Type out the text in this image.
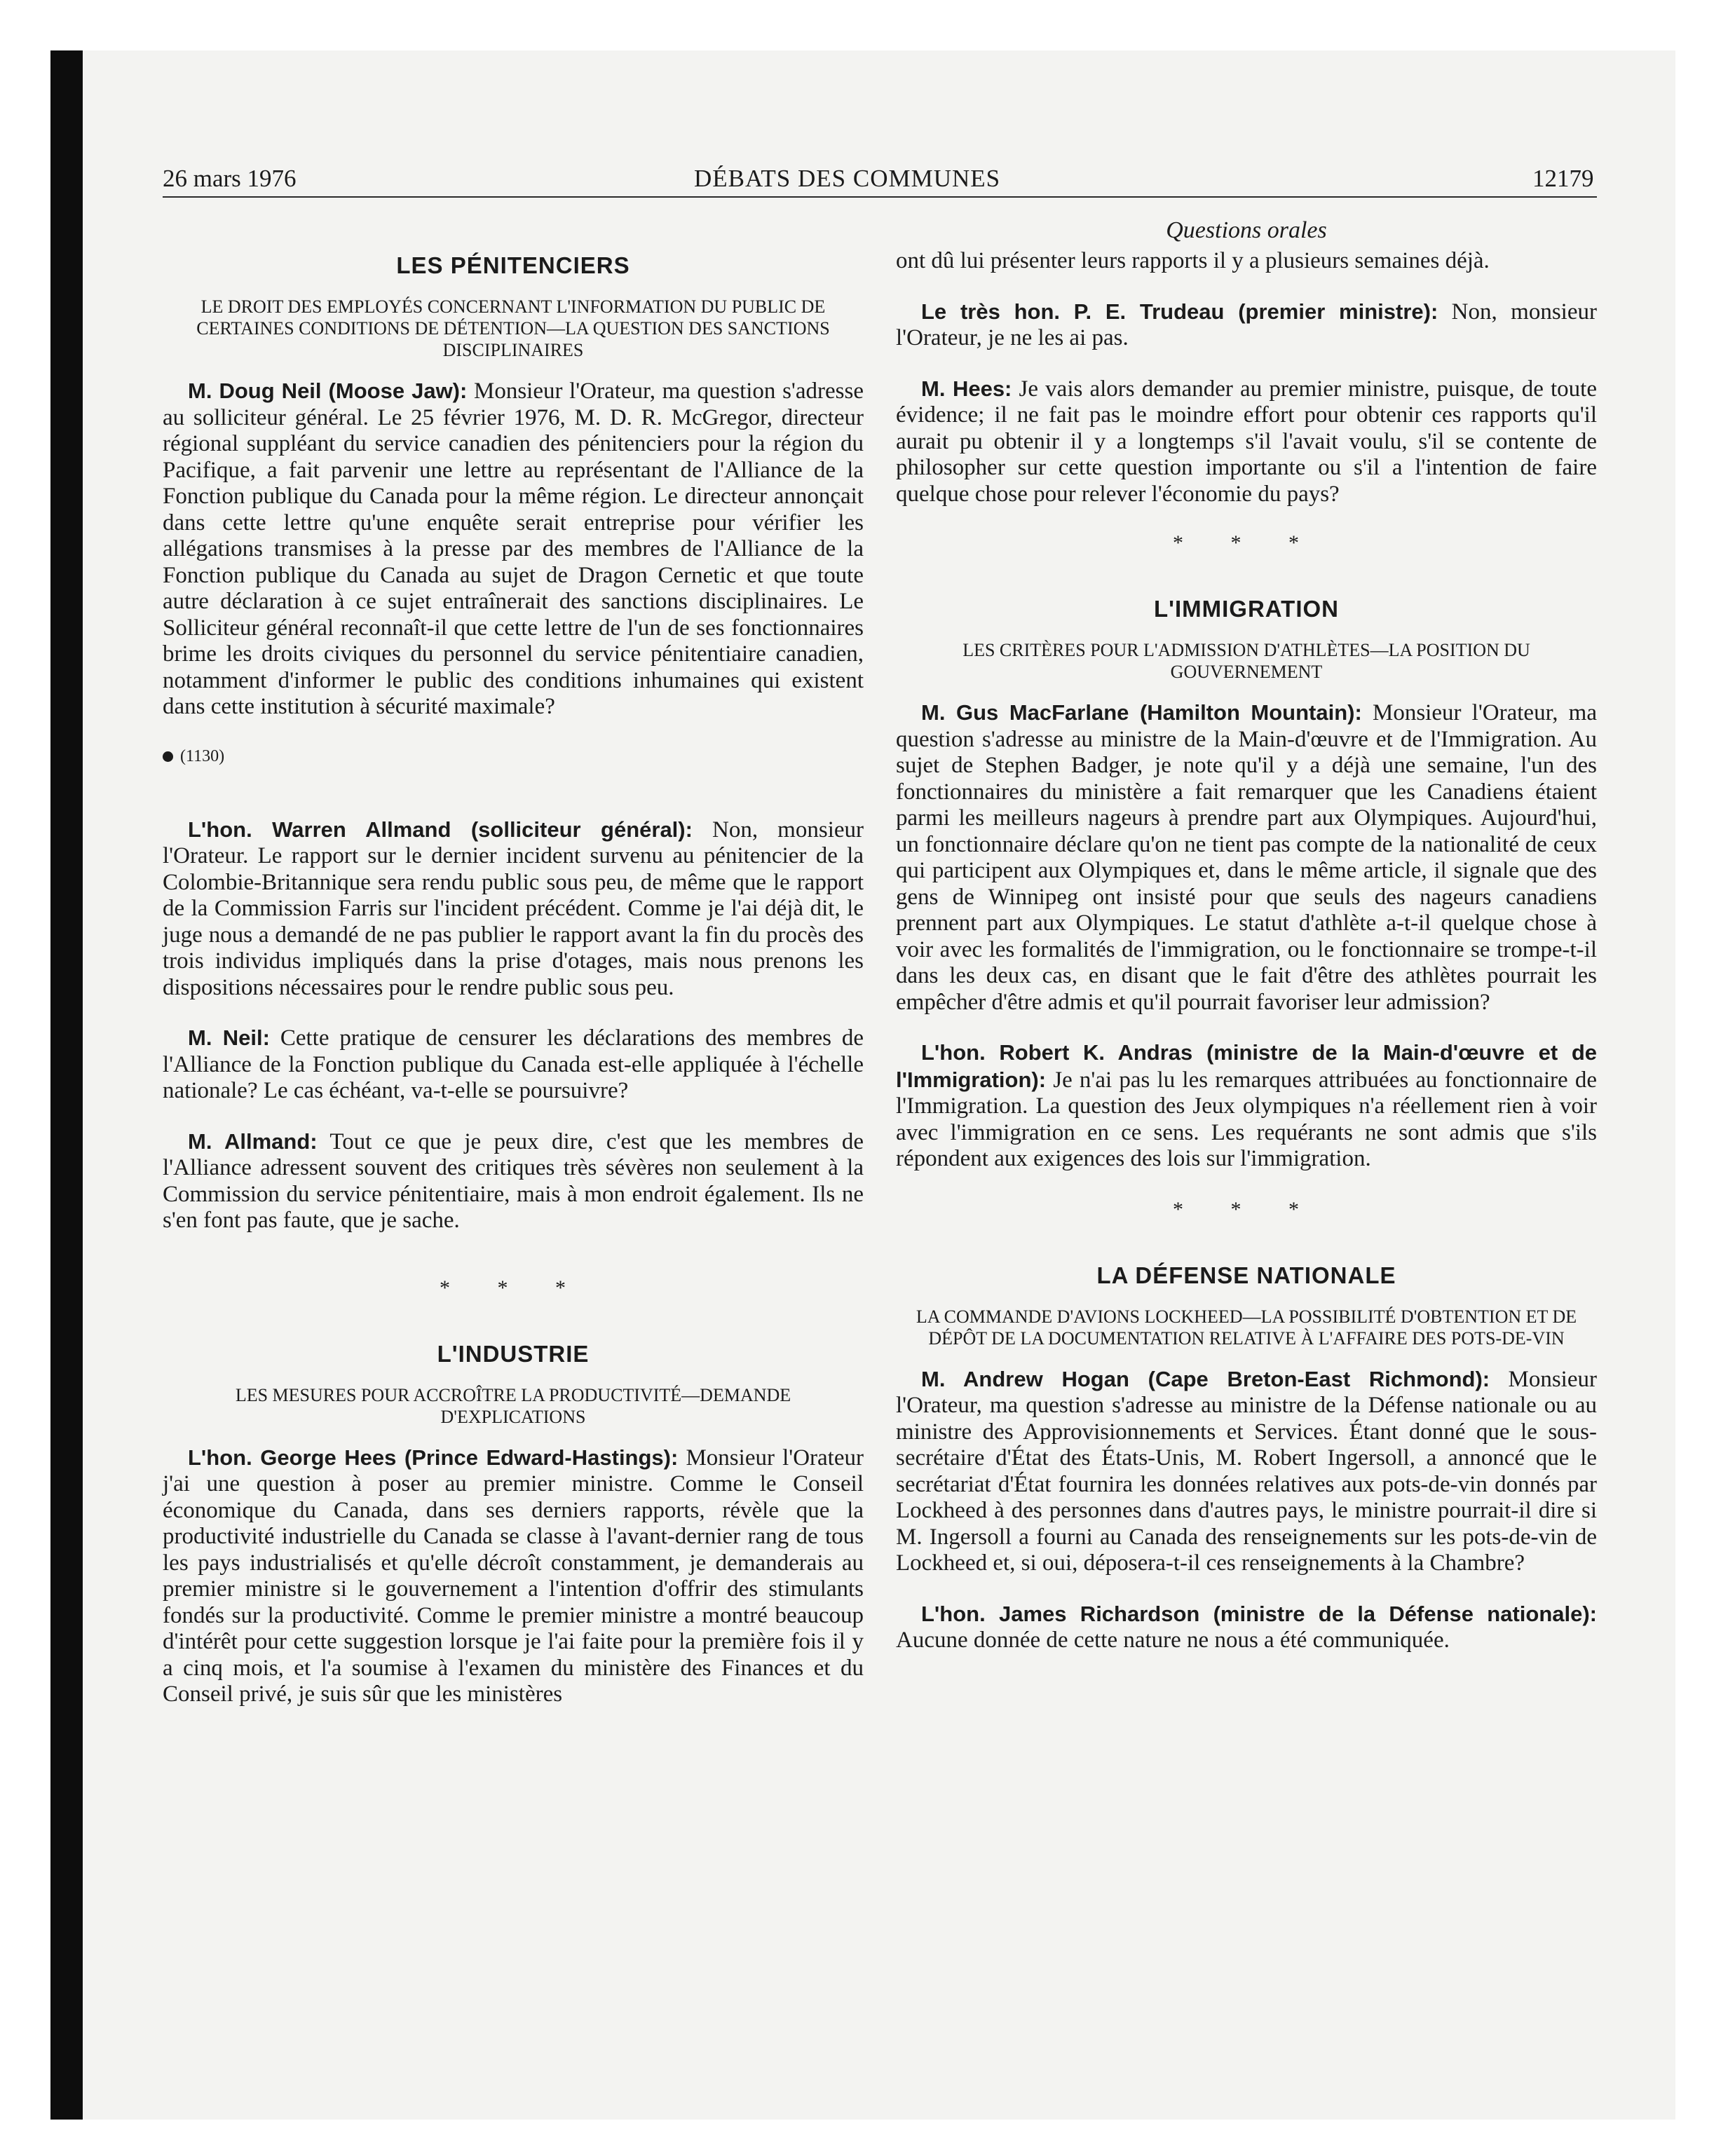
26 mars 1976	DÉBATS DES COMMUNES	12179
LES PÉNITENCIERS
LE DROIT DES EMPLOYÉS CONCERNANT L'INFORMATION DU PUBLIC DE CERTAINES CONDITIONS DE DÉTENTION—LA QUESTION DES SANCTIONS DISCIPLINAIRES

M. Doug Neil (Moose Jaw): Monsieur l'Orateur, ma question s'adresse au solliciteur général. Le 25 février 1976, M. D. R. McGregor, directeur régional suppléant du service canadien des pénitenciers pour la région du Pacifique, a fait parvenir une lettre au représentant de l'Alliance de la Fonction publique du Canada pour la même région. Le directeur annonçait dans cette lettre qu'une enquête serait entreprise pour vérifier les allégations transmises à la presse par des membres de l'Alliance de la Fonction publique du Canada au sujet de Dragon Cernetic et que toute autre déclaration à ce sujet entraînerait des sanctions disciplinaires. Le Solliciteur général reconnaît-il que cette lettre de l'un de ses fonctionnaires brime les droits civiques du personnel du service pénitentiaire canadien, notamment d'informer le public des conditions inhumaines qui existent dans cette institution à sécurité maximale?

(1130)

L'hon. Warren Allmand (solliciteur général): Non, monsieur l'Orateur. Le rapport sur le dernier incident survenu au pénitencier de la Colombie-Britannique sera rendu public sous peu, de même que le rapport de la Commission Farris sur l'incident précédent. Comme je l'ai déjà dit, le juge nous a demandé de ne pas publier le rapport avant la fin du procès des trois individus impliqués dans la prise d'otages, mais nous prenons les dispositions nécessaires pour le rendre public sous peu.

M. Neil: Cette pratique de censurer les déclarations des membres de l'Alliance de la Fonction publique du Canada est-elle appliquée à l'échelle nationale? Le cas échéant, va-t-elle se poursuivre?

M. Allmand: Tout ce que je peux dire, c'est que les membres de l'Alliance adressent souvent des critiques très sévères non seulement à la Commission du service pénitentiaire, mais à mon endroit également. Ils ne s'en font pas faute, que je sache.

* * *
L'INDUSTRIE
LES MESURES POUR ACCROÎTRE LA PRODUCTIVITÉ—DEMANDE D'EXPLICATIONS

L'hon. George Hees (Prince Edward-Hastings): Monsieur l'Orateur j'ai une question à poser au premier ministre. Comme le Conseil économique du Canada, dans ses derniers rapports, révèle que la productivité industrielle du Canada se classe à l'avant-dernier rang de tous les pays industrialisés et qu'elle décroît constamment, je demanderais au premier ministre si le gouvernement a l'intention d'offrir des stimulants fondés sur la productivité. Comme le premier ministre a montré beaucoup d'intérêt pour cette suggestion lorsque je l'ai faite pour la première fois il y a cinq mois, et l'a soumise à l'examen du ministère des Finances et du Conseil privé, je suis sûr que les ministères

Questions orales

ont dû lui présenter leurs rapports il y a plusieurs semaines déjà.

Le très hon. P. E. Trudeau (premier ministre): Non, monsieur l'Orateur, je ne les ai pas.

M. Hees: Je vais alors demander au premier ministre, puisque, de toute évidence; il ne fait pas le moindre effort pour obtenir ces rapports qu'il aurait pu obtenir il y a longtemps s'il l'avait voulu, s'il se contente de philosopher sur cette question importante ou s'il a l'intention de faire quelque chose pour relever l'économie du pays?

* * *
L'IMMIGRATION
LES CRITÈRES POUR L'ADMISSION D'ATHLÈTES—LA POSITION DU GOUVERNEMENT

M. Gus MacFarlane (Hamilton Mountain): Monsieur l'Orateur, ma question s'adresse au ministre de la Main-d'œuvre et de l'Immigration. Au sujet de Stephen Badger, je note qu'il y a déjà une semaine, l'un des fonctionnaires du ministère a fait remarquer que les Canadiens étaient parmi les meilleurs nageurs à prendre part aux Olympiques. Aujourd'hui, un fonctionnaire déclare qu'on ne tient pas compte de la nationalité de ceux qui participent aux Olympiques et, dans le même article, il signale que des gens de Winnipeg ont insisté pour que seuls des nageurs canadiens prennent part aux Olympiques. Le statut d'athlète a-t-il quelque chose à voir avec les formalités de l'immigration, ou le fonctionnaire se trompe-t-il dans les deux cas, en disant que le fait d'être des athlètes pourrait les empêcher d'être admis et qu'il pourrait favoriser leur admission?

L'hon. Robert K. Andras (ministre de la Main-d'œuvre et de l'Immigration): Je n'ai pas lu les remarques attribuées au fonctionnaire de l'Immigration. La question des Jeux olympiques n'a réellement rien à voir avec l'immigration en ce sens. Les requérants ne sont admis que s'ils répondent aux exigences des lois sur l'immigration.

* * *
LA DÉFENSE NATIONALE
LA COMMANDE D'AVIONS LOCKHEED—LA POSSIBILITÉ D'OBTENTION ET DE DÉPÔT DE LA DOCUMENTATION RELATIVE À L'AFFAIRE DES POTS-DE-VIN

M. Andrew Hogan (Cape Breton-East Richmond): Monsieur l'Orateur, ma question s'adresse au ministre de la Défense nationale ou au ministre des Approvisionnements et Services. Étant donné que le sous-secrétaire d'État des États-Unis, M. Robert Ingersoll, a annoncé que le secrétariat d'État fournira les données relatives aux pots-de-vin donnés par Lockheed à des personnes dans d'autres pays, le ministre pourrait-il dire si M. Ingersoll a fourni au Canada des renseignements sur les pots-de-vin de Lockheed et, si oui, déposera-t-il ces renseignements à la Chambre?

L'hon. James Richardson (ministre de la Défense nationale): Aucune donnée de cette nature ne nous a été communiquée.
